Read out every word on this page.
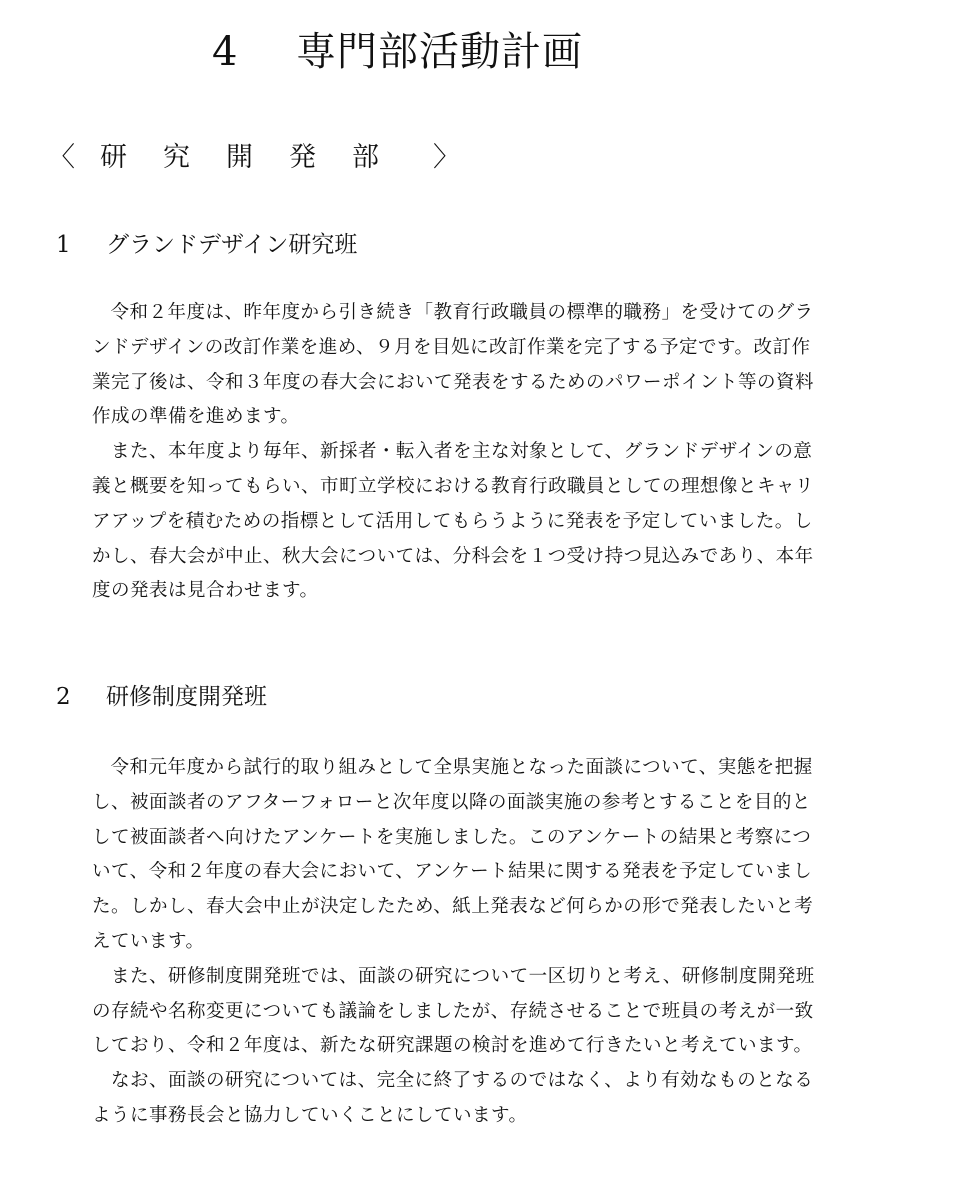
4 専門部活動計画
〈 研究開発部 〉
1 グランドデザイン研究班
令和２年度は、昨年度から引き続き「教育行政職員の標準的職務」を受けてのグラ
ンドデザインの改訂作業を進め、９月を目処に改訂作業を完了する予定です。改訂作
業完了後は、令和３年度の春大会において発表をするためのパワーポイント等の資料
作成の準備を進めます。
　また、本年度より毎年、新採者・転入者を主な対象として、グランドデザインの意
義と概要を知ってもらい、市町立学校における教育行政職員としての理想像とキャリ
アアップを積むための指標として活用してもらうように発表を予定していました。し
かし、春大会が中止、秋大会については、分科会を１つ受け持つ見込みであり、本年
度の発表は見合わせます。
2 研修制度開発班
令和元年度から試行的取り組みとして全県実施となった面談について、実態を把握
し、被面談者のアフターフォローと次年度以降の面談実施の参考とすることを目的と
して被面談者へ向けたアンケートを実施しました。このアンケートの結果と考察につ
いて、令和２年度の春大会において、アンケート結果に関する発表を予定していまし
た。しかし、春大会中止が決定したため、紙上発表など何らかの形で発表したいと考
えています。
　また、研修制度開発班では、面談の研究について一区切りと考え、研修制度開発班
の存続や名称変更についても議論をしましたが、存続させることで班員の考えが一致
しており、令和２年度は、新たな研究課題の検討を進めて行きたいと考えています。
　なお、面談の研究については、完全に終了するのではなく、より有効なものとなる
ように事務長会と協力していくことにしています。
